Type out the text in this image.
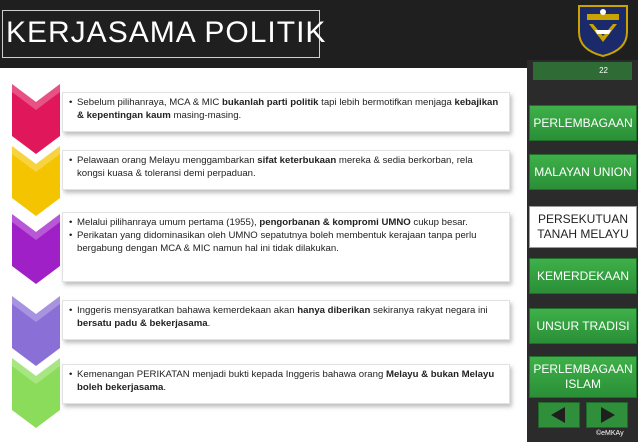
KERJASAMA POLITIK
22
PERLEMBAGAAN
MALAYAN UNION
PERSEKUTUAN
TANAH MELAYU
KEMERDEKAAN
UNSUR TRADISI
PERLEMBAGAAN
ISLAM
©eMKAy
• Sebelum pilihanraya, MCA & MIC bukanlah parti politik tapi lebih bermotifkan menjaga kebajikan & kepentingan kaum masing-masing.
• Pelawaan orang Melayu menggambarkan sifat keterbukaan mereka & sedia berkorban, rela kongsi kuasa & toleransi demi perpaduan.
• Melalui pilihanraya umum pertama (1955), pengorbanan & kompromi UMNO cukup besar.
• Perikatan yang didominasikan oleh UMNO sepatutnya boleh membentuk kerajaan tanpa perlu bergabung dengan MCA & MIC namun hal ini tidak dilakukan.
• Inggeris mensyaratkan bahawa kemerdekaan akan hanya diberikan sekiranya rakyat negara ini bersatu padu & bekerjasama.
• Kemenangan PERIKATAN menjadi bukti kepada Inggeris bahawa orang Melayu & bukan Melayu boleh bekerjasama.
